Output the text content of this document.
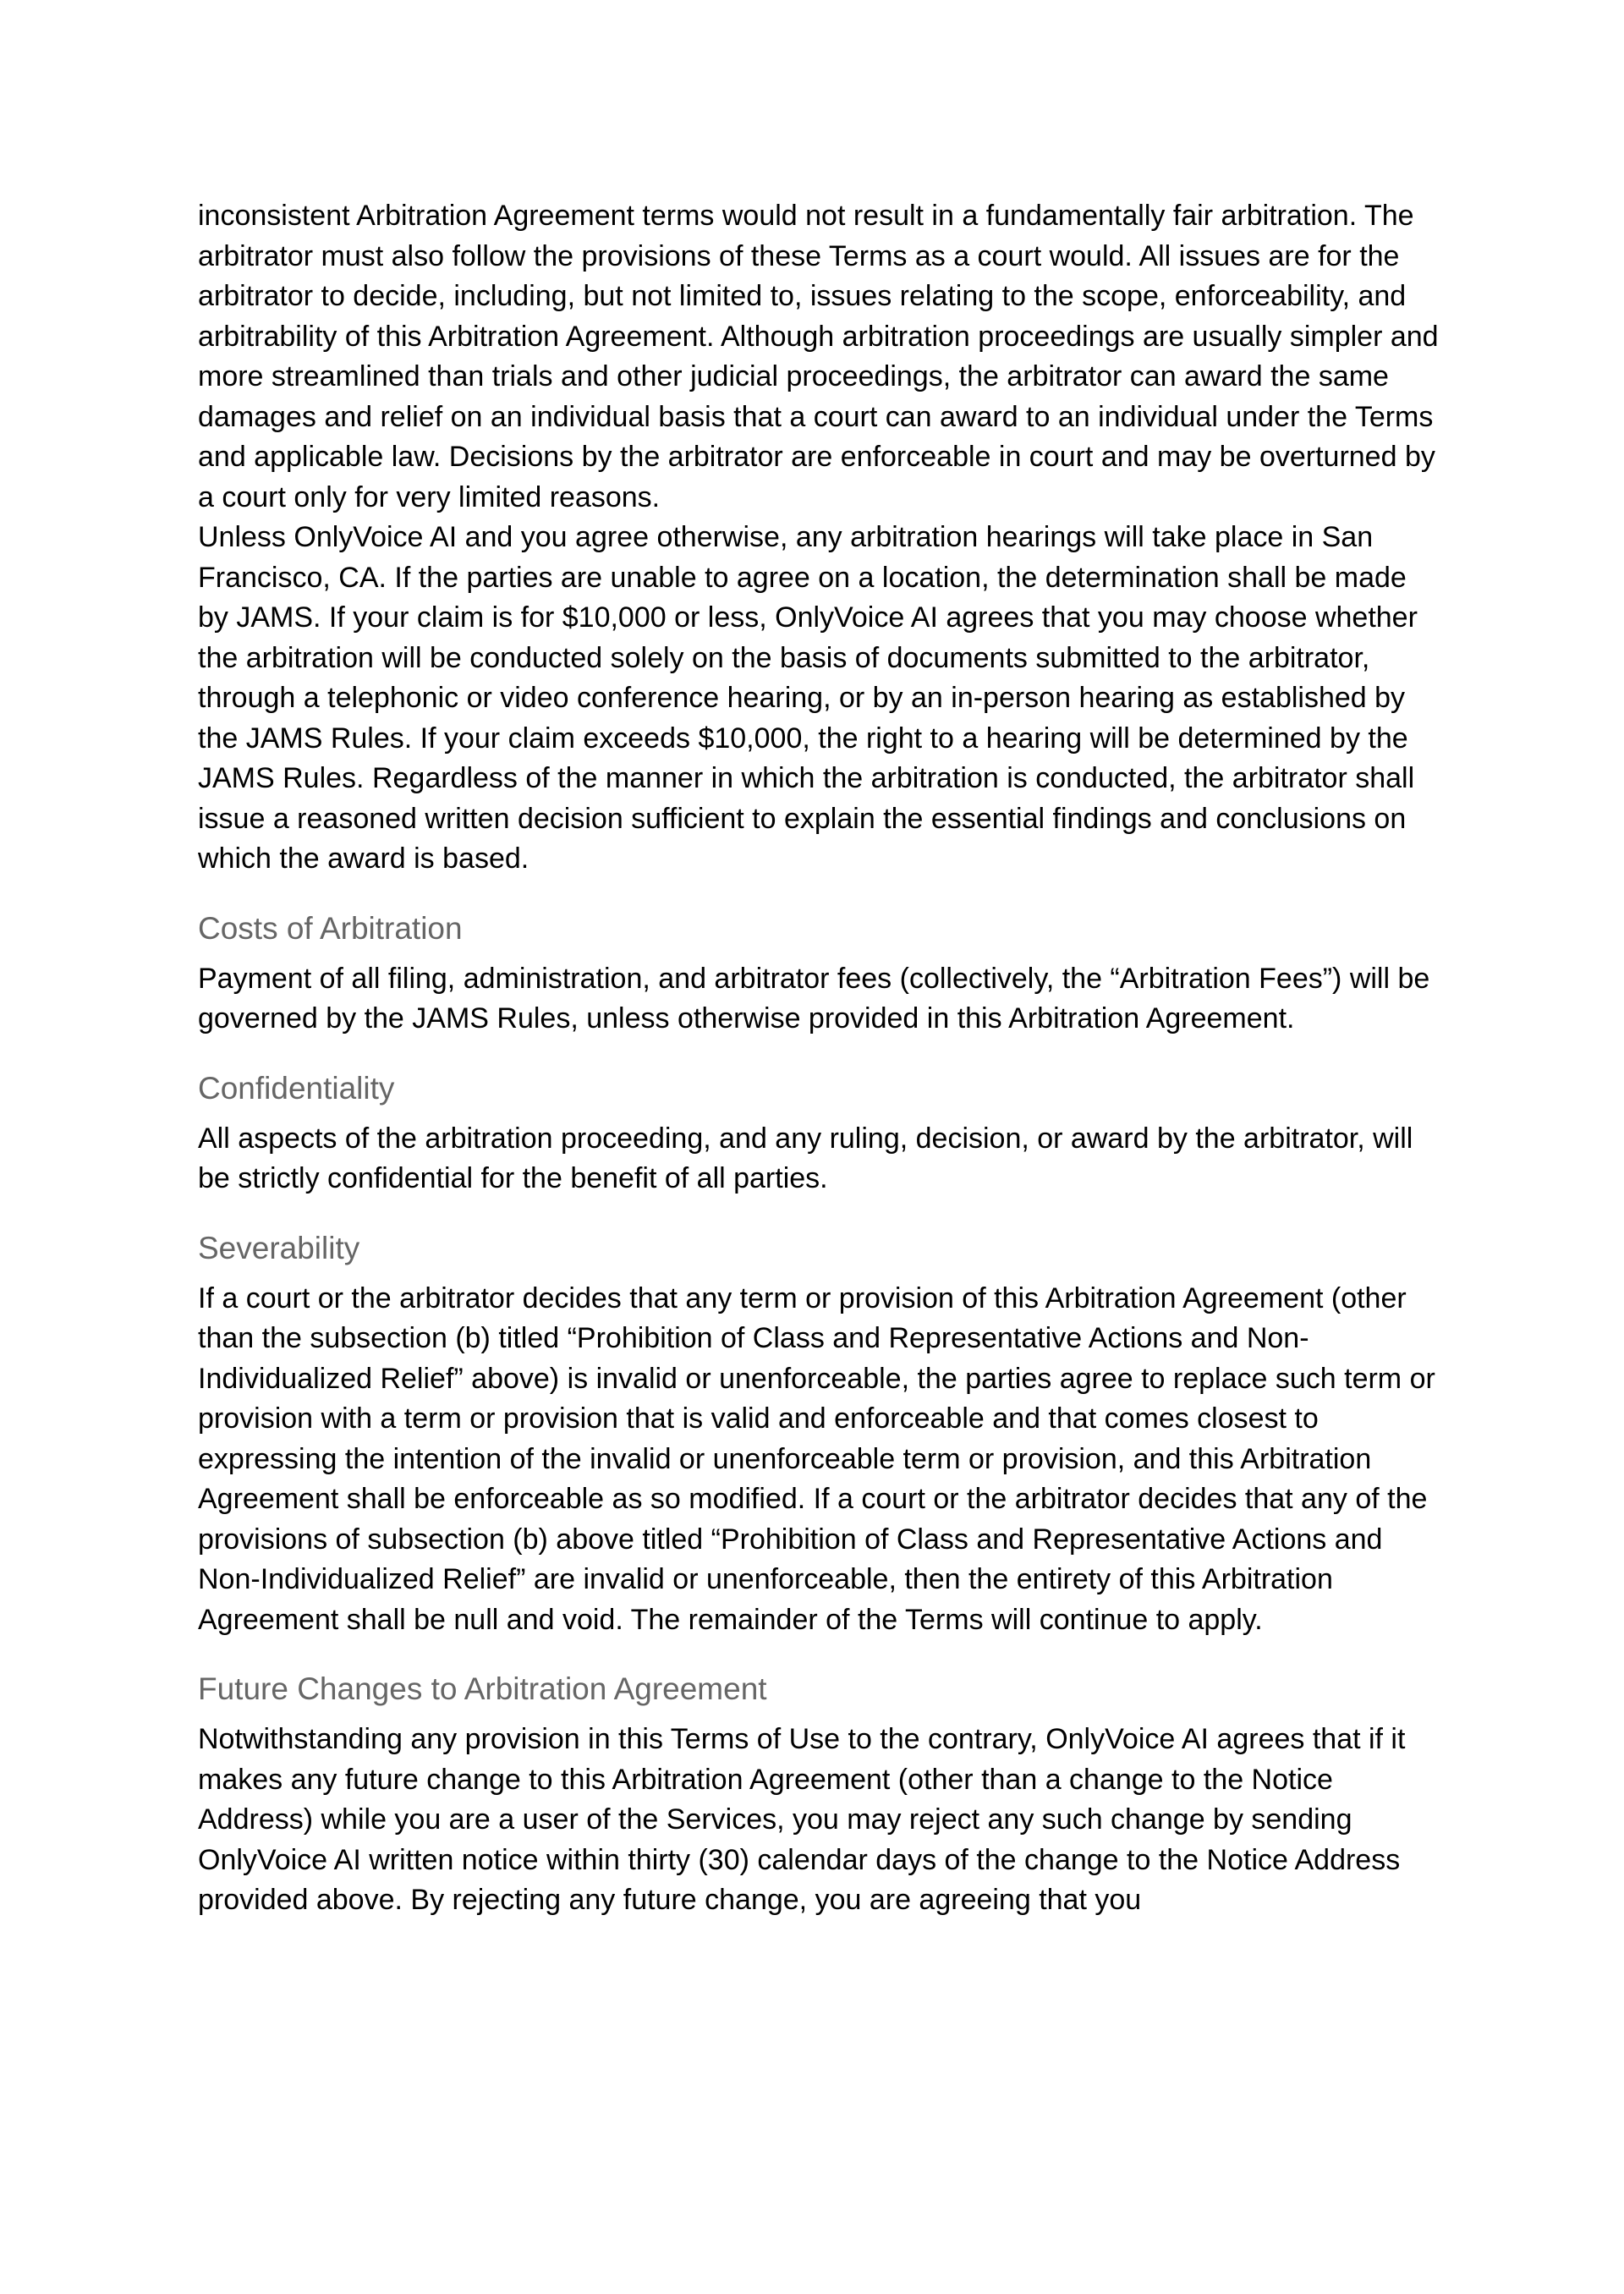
inconsistent Arbitration Agreement terms would not result in a fundamentally fair arbitration. The arbitrator must also follow the provisions of these Terms as a court would. All issues are for the arbitrator to decide, including, but not limited to, issues relating to the scope, enforceability, and arbitrability of this Arbitration Agreement. Although arbitration proceedings are usually simpler and more streamlined than trials and other judicial proceedings, the arbitrator can award the same damages and relief on an individual basis that a court can award to an individual under the Terms and applicable law. Decisions by the arbitrator are enforceable in court and may be overturned by a court only for very limited reasons.

Unless OnlyVoice AI and you agree otherwise, any arbitration hearings will take place in San Francisco, CA. If the parties are unable to agree on a location, the determination shall be made by JAMS. If your claim is for $10,000 or less, OnlyVoice AI agrees that you may choose whether the arbitration will be conducted solely on the basis of documents submitted to the arbitrator, through a telephonic or video conference hearing, or by an in-person hearing as established by the JAMS Rules. If your claim exceeds $10,000, the right to a hearing will be determined by the JAMS Rules. Regardless of the manner in which the arbitration is conducted, the arbitrator shall issue a reasoned written decision sufficient to explain the essential findings and conclusions on which the award is based.

Costs of Arbitration

Payment of all filing, administration, and arbitrator fees (collectively, the “Arbitration Fees”) will be governed by the JAMS Rules, unless otherwise provided in this Arbitration Agreement.

Confidentiality

All aspects of the arbitration proceeding, and any ruling, decision, or award by the arbitrator, will be strictly confidential for the benefit of all parties.

Severability

If a court or the arbitrator decides that any term or provision of this Arbitration Agreement (other than the subsection (b) titled “Prohibition of Class and Representative Actions and Non-Individualized Relief” above) is invalid or unenforceable, the parties agree to replace such term or provision with a term or provision that is valid and enforceable and that comes closest to expressing the intention of the invalid or unenforceable term or provision, and this Arbitration Agreement shall be enforceable as so modified. If a court or the arbitrator decides that any of the provisions of subsection (b) above titled “Prohibition of Class and Representative Actions and Non-Individualized Relief” are invalid or unenforceable, then the entirety of this Arbitration Agreement shall be null and void. The remainder of the Terms will continue to apply.

Future Changes to Arbitration Agreement

Notwithstanding any provision in this Terms of Use to the contrary, OnlyVoice AI agrees that if it makes any future change to this Arbitration Agreement (other than a change to the Notice Address) while you are a user of the Services, you may reject any such change by sending OnlyVoice AI written notice within thirty (30) calendar days of the change to the Notice Address provided above. By rejecting any future change, you are agreeing that you
